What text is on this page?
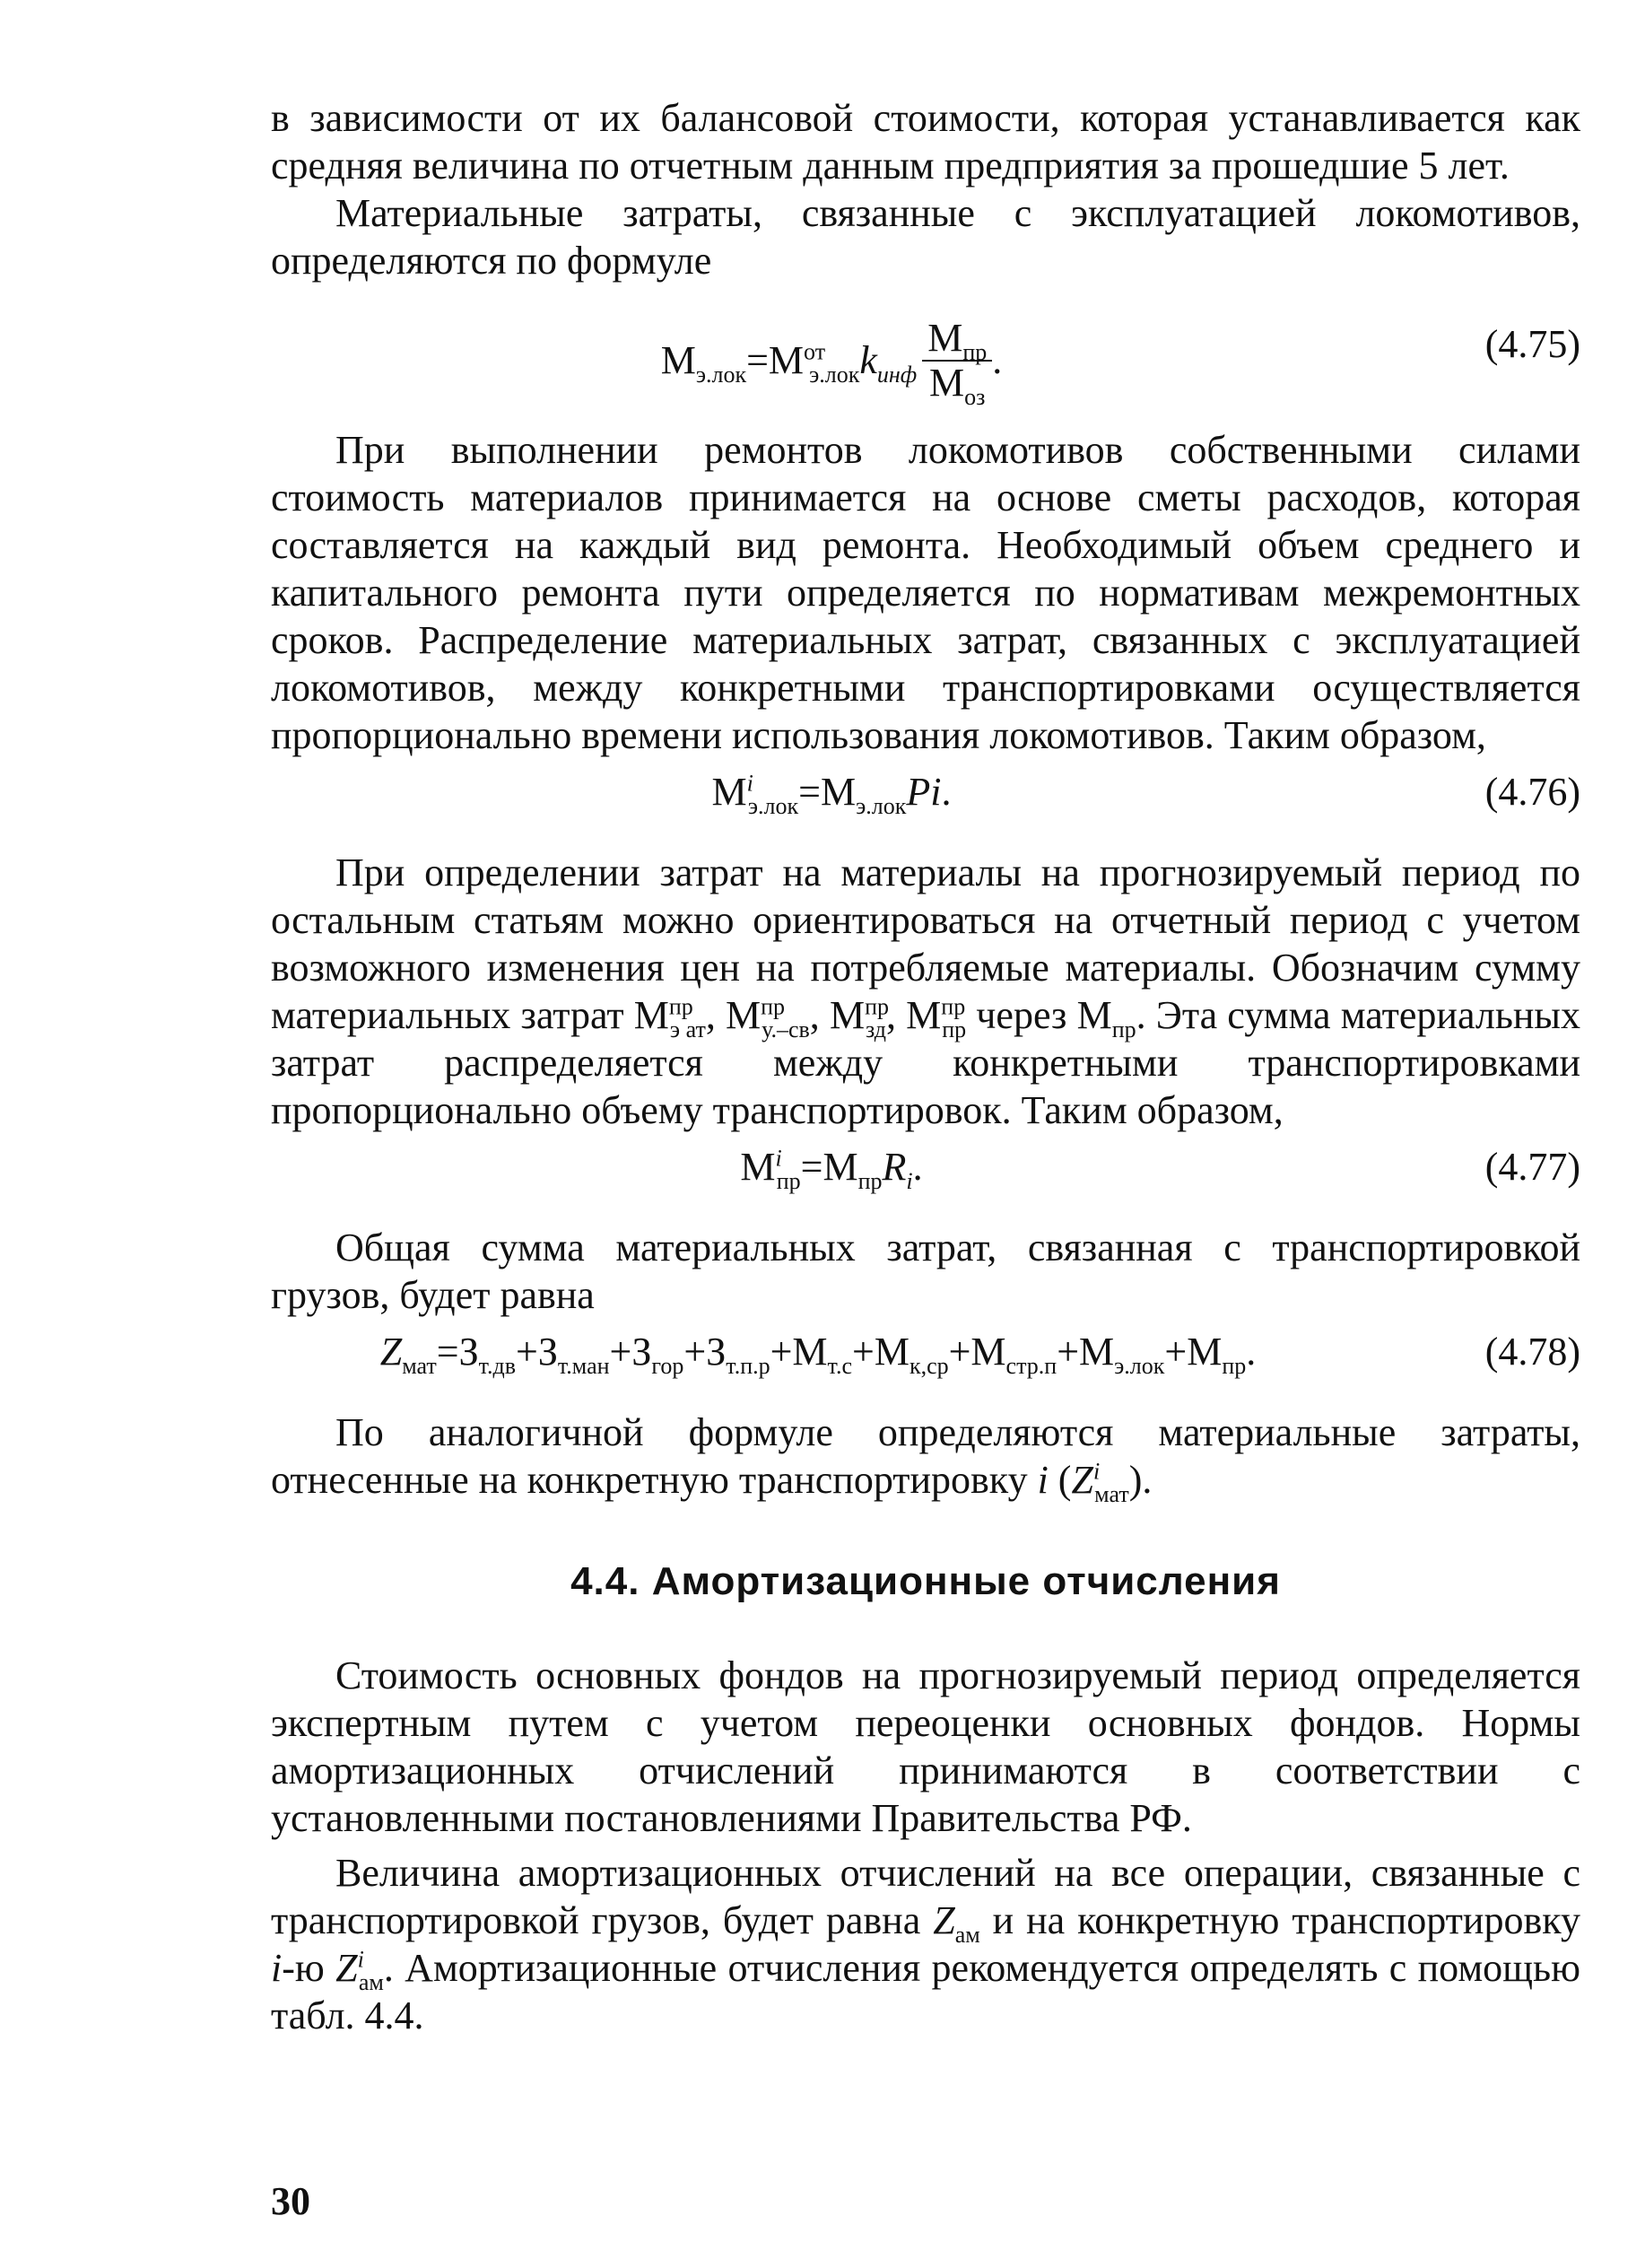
в зависимости от их балансовой стоимости, которая устанавливается как средняя величина по отчетным данным предприятия за прошедшие 5 лет.

Материальные затраты, связанные с эксплуатацией локомотивов, определяются по формуле

$М_{э.лок}=М^{от}_{э.лок}k_{инф} \frac{М_{пр}}{М_{оз}}$ .	(4.75)

При выполнении ремонтов локомотивов собственными силами стоимость материалов принимается на основе сметы расходов, которая составляется на каждый вид ремонта. Необходимый объем среднего и капитального ремонта пути определяется по нормативам межремонтных сроков. Распределение материальных затрат, связанных с эксплуатацией локомотивов, между конкретными транспортировками осуществляется пропорционально времени использования локомотивов. Таким образом,

$М^i_{э.лок}=М_{э.лок}Pi$.	(4.76)

При определении затрат на материалы на прогнозируемый период по остальным статьям можно ориентироваться на отчетный период с учетом возможного изменения цен на потребляемые материалы. Обозначим сумму материальных затрат $М^{пр}_{э ат}$, $М^{пр}_{у.-св}$, $М^{пр}_{зд}$, $М^{пр}_{пр}$ через $М_{пр}$. Эта сумма материальных затрат распределяется между конкретными транспортировками пропорционально объему транспортировок. Таким образом,

$М^i_{пр}=М_{пр}R_i$.	(4.77)

Общая сумма материальных затрат, связанная с транспортировкой грузов, будет равна

$Z_{мат}=З_{т.дв}+З_{т.ман}+З_{гор}+З_{т.п.р}+М_{т.с}+М_{к,ср}+М_{стр.п}+М_{э.лок}+М_{пр}$.	(4.78)

По аналогичной формуле определяются материальные затраты, отнесенные на конкретную транспортировку i $(Z^i_{мат})$.

4.4. Амортизационные отчисления

Стоимость основных фондов на прогнозируемый период определяется экспертным путем с учетом переоценки основных фондов. Нормы амортизационных отчислений принимаются в соответствии с установленными постановлениями Правительства РФ.

Величина амортизационных отчислений на все операции, связанные с транспортировкой грузов, будет равна $Z_{ам}$ и на конкретную транспортировку i-ю $Z^i_{ам}$. Амортизационные отчисления рекомендуется определять с помощью табл. 4.4.

30
